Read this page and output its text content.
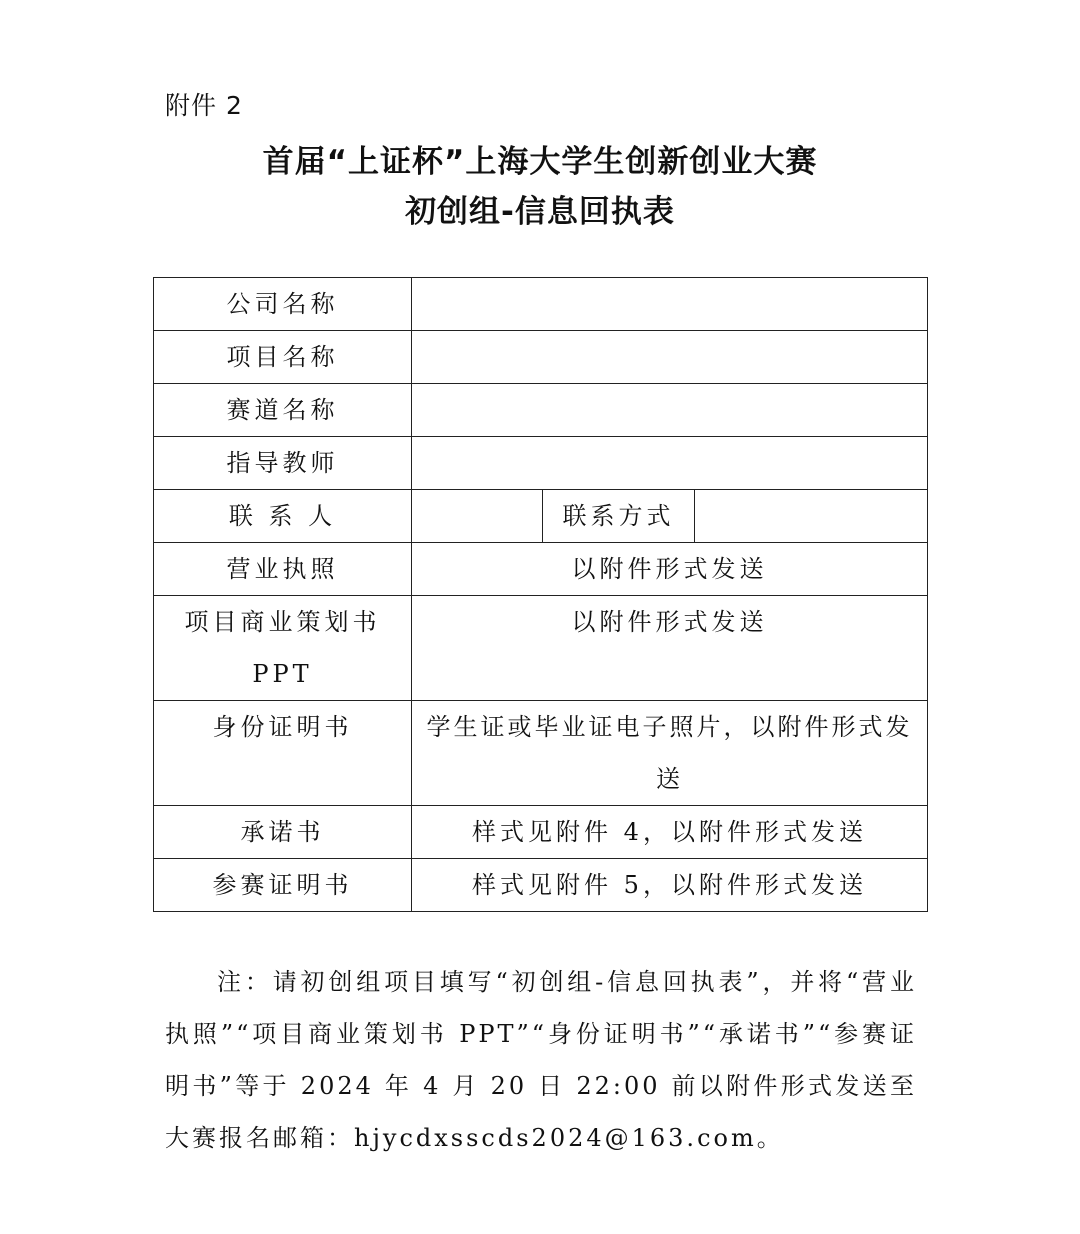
附件 2
首届“上证杯”上海大学生创新创业大赛
初创组-信息回执表
公司名称			
项目名称			
赛道名称			
指导教师			
联 系 人		联系方式	
营业执照	以附件形式发送		

项目商业策划书
PPT	以附件形式发送		
身份证明书	学生证或毕业证电子照片，以附件形式发送		
承诺书	样式见附件 4，以附件形式发送		
参赛证明书	样式见附件 5，以附件形式发送		

注：请初创组项目填写“初创组-信息回执表”，并将“营业执照”“项目商业策划书 PPT”“身份证明书”“承诺书”“参赛证明书”等于 2024 年 4 月 20 日 22:00 前以附件形式发送至大赛报名邮箱：hjycdxsscds2024@163.com。
